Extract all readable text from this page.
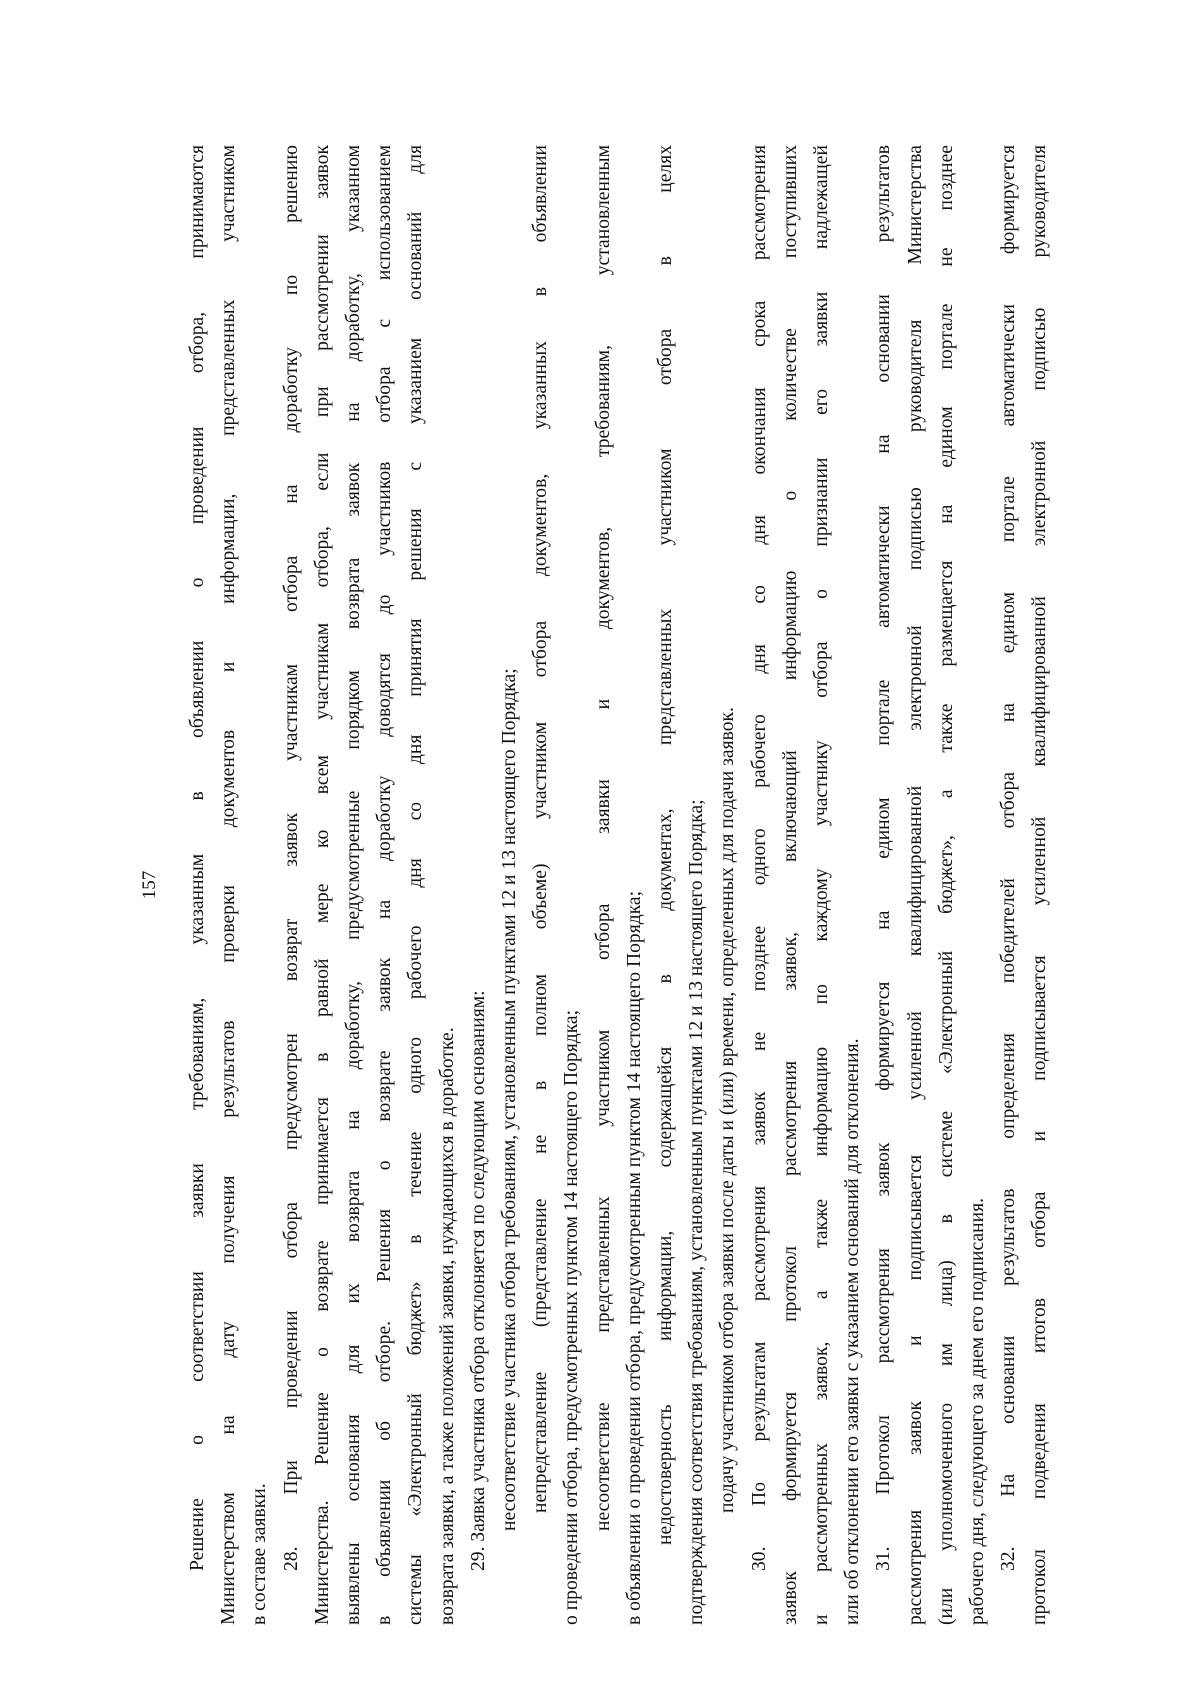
157 Решение о соответствии заявки требованиям, указанным в объявлении о проведении отбора, принимаются Министерством на дату получения результатов проверки документов и информации, представленных участником в составе заявки. 28. При проведении отбора предусмотрен возврат заявок участникам отбора на доработку по решению Министерства. Решение о возврате принимается в равной мере ко всем участникам отбора, если при рассмотрении заявок выявлены основания для их возврата на доработку, предусмотренные порядком возврата заявок на доработку, указанном в объявлении об отборе. Решения о возврате заявок на доработку доводятся до участников отбора с использованием системы «Электронный бюджет» в течение одного рабочего дня со дня принятия решения с указанием оснований для возврата заявки, а также положений заявки, нуждающихся в доработке. 29. Заявка участника отбора отклоняется по следующим основаниям: несоответствие участника отбора требованиям, установленным пунктами 12 и 13 настоящего Порядка; непредставление (представление не в полном объеме) участником отбора документов, указанных в объявлении о проведении отбора, предусмотренных пунктом 14 настоящего Порядка; несоответствие представленных участником отбора заявки и документов, требованиям, установленным в объявлении о проведении отбора, предусмотренным пунктом 14 настоящего Порядка; недостоверность информации, содержащейся в документах, представленных участником отбора в целях подтверждения соответствия требованиям, установленным пунктами 12 и 13 настоящего Порядка; подачу участником отбора заявки после даты и (или) времени, определенных для подачи заявок. 30. По результатам рассмотрения заявок не позднее одного рабочего дня со дня окончания срока рассмотрения заявок формируется протокол рассмотрения заявок, включающий информацию о количестве поступивших и рассмотренных заявок, а также информацию по каждому участнику отбора о признании его заявки надлежащей или об отклонении его заявки с указанием оснований для отклонения. 31. Протокол рассмотрения заявок формируется на едином портале автоматически на основании результатов рассмотрения заявок и подписывается усиленной квалифицированной электронной подписью руководителя Министерства (или уполномоченного им лица) в системе «Электронный бюджет», а также размещается на едином портале не позднее рабочего дня, следующего за днем его подписания. 32. На основании результатов определения победителей отбора на едином портале автоматически формируется протокол подведения итогов отбора и подписывается усиленной квалифицированной электронной подписью руководителя
